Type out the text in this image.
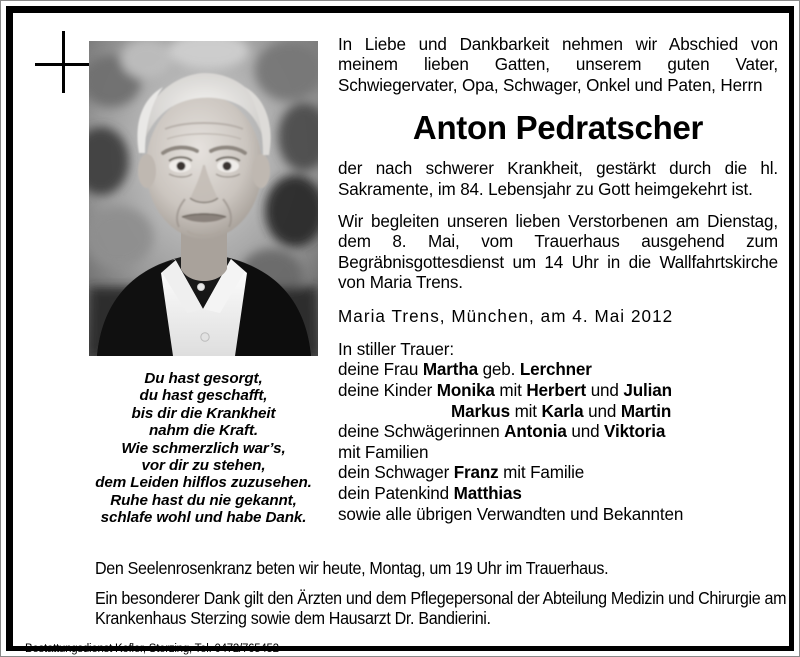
Du hast gesorgt,
du hast geschafft,
bis dir die Krankheit
nahm die Kraft.
Wie schmerzlich war’s,
vor dir zu stehen,
dem Leiden hilflos zuzusehen.
Ruhe hast du nie gekannt,
schlafe wohl und habe Dank.

In Liebe und Dankbarkeit nehmen wir Abschied von meinem lieben Gatten, unserem guten Vater, Schwiegervater, Opa, Schwager, Onkel und Paten, Herrn

Anton Pedratscher

der nach schwerer Krankheit, gestärkt durch die hl. Sakramente, im 84. Lebensjahr zu Gott heimgekehrt ist.

Wir begleiten unseren lieben Verstorbenen am Dienstag, dem 8. Mai, vom Trauerhaus ausgehend zum Begräbnisgottesdienst um 14 Uhr in die Wallfahrtskirche von Maria Trens.

Maria Trens, München, am 4. Mai 2012

In stiller Trauer:

deine Frau Martha geb. Lerchner
deine Kinder Monika mit Herbert und Julian
Markus mit Karla und Martin
deine Schwägerinnen Antonia und Viktoria
mit Familien
dein Schwager Franz mit Familie
dein Patenkind Matthias
sowie alle übrigen Verwandten und Bekannten

Den Seelenrosenkranz beten wir heute, Montag, um 19 Uhr im Trauerhaus.

Ein besonderer Dank gilt den Ärzten und dem Pflegepersonal der Abteilung Medizin und Chirurgie am Krankenhaus Sterzing sowie dem Hausarzt Dr. Bandierini.

Bestattungsdienst Kofler, Sterzing, Tel. 0472/765452
